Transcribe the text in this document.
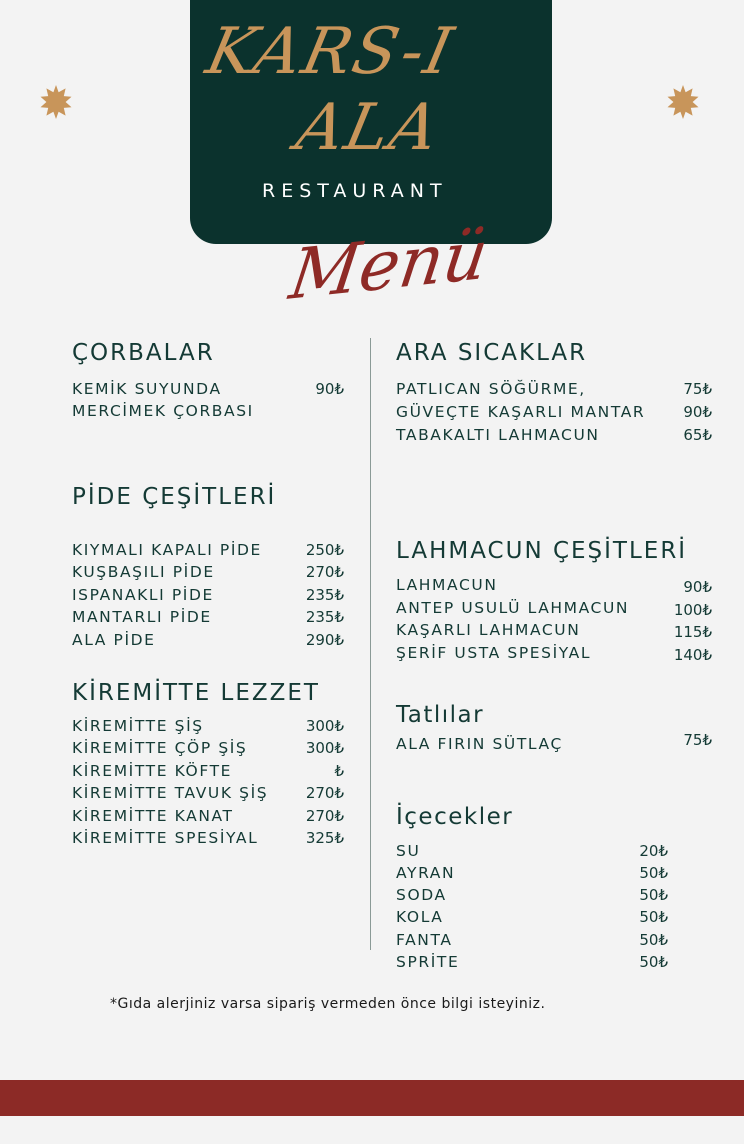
KARS-I
ALA
RESTAURANT
Menü
ÇORBALAR
KEMİK SUYUNDA	90₺
MERCİMEK ÇORBASI
PİDE ÇEŞİTLERİ
KIYMALI KAPALI PİDE	250₺
KUŞBAŞILI PİDE	270₺
ISPANAKLI PİDE	235₺
MANTARLI PİDE	235₺
ALA PİDE	290₺
KİREMİTTE LEZZET
KİREMİTTE ŞİŞ	300₺
KİREMİTTE ÇÖP ŞİŞ	300₺
KİREMİTTE KÖFTE	₺
KİREMİTTE TAVUK ŞİŞ	270₺
KİREMİTTE KANAT	270₺
KİREMİTTE SPESİYAL	325₺
ARA SICAKLAR
PATLICAN SÖĞÜRME,	75₺
GÜVEÇTE KAŞARLI MANTAR	90₺
TABAKALTI LAHMACUN	65₺
LAHMACUN ÇEŞİTLERİ
LAHMACUN	90₺
ANTEP USULÜ LAHMACUN	100₺
KAŞARLI LAHMACUN	115₺
ŞERİF USTA SPESİYAL	140₺
Tatlılar
ALA FIRIN SÜTLAÇ	75₺
İçecekler
SU	20₺
AYRAN	50₺
SODA	50₺
KOLA	50₺
FANTA	50₺
SPRİTE	50₺
*Gıda alerjiniz varsa sipariş vermeden önce bilgi isteyiniz.
